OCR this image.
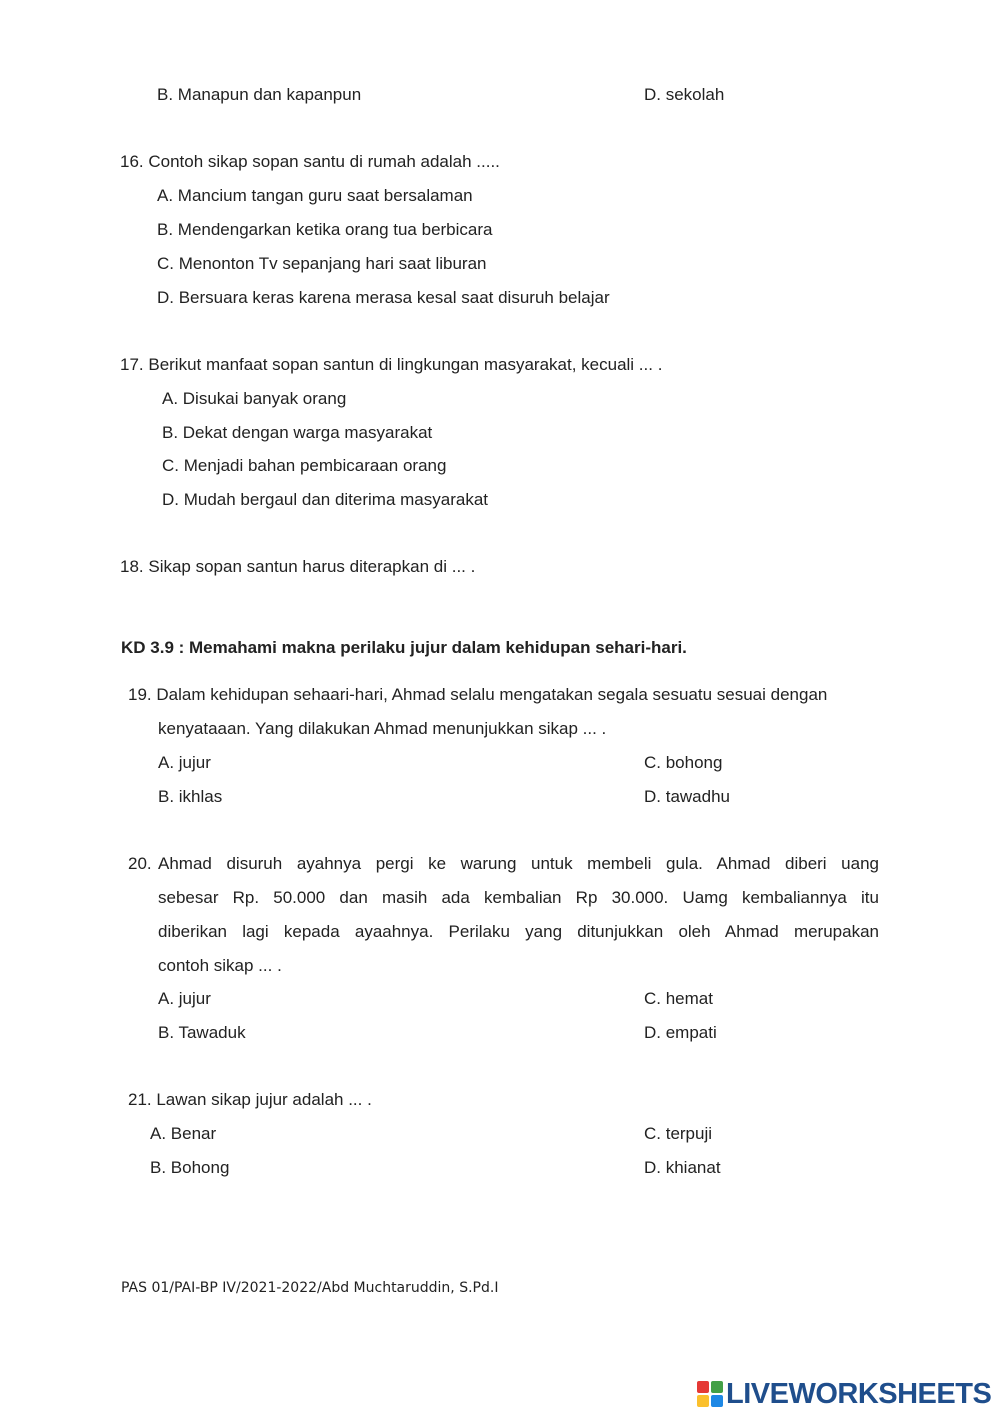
B. Manapun dan kapanpun	D. sekolah
16. Contoh sikap sopan santu di rumah adalah .....
A. Mancium tangan guru saat bersalaman
B. Mendengarkan ketika orang tua berbicara
C. Menonton Tv sepanjang hari saat liburan
D. Bersuara keras karena merasa kesal saat disuruh belajar
17. Berikut manfaat sopan santun di lingkungan masyarakat, kecuali ... .
A. Disukai banyak orang
B. Dekat dengan warga masyarakat
C. Menjadi bahan pembicaraan orang
D. Mudah bergaul dan diterima masyarakat
18. Sikap sopan santun harus diterapkan di ... .
KD 3.9 : Memahami makna perilaku jujur dalam kehidupan sehari-hari.
19. Dalam kehidupan sehaari-hari, Ahmad selalu mengatakan segala sesuatu sesuai dengan
kenyataaan. Yang dilakukan Ahmad menunjukkan sikap ... .
A. jujur
B. ikhlas
C. bohong
D. tawadhu
20. Ahmad disuruh ayahnya pergi ke warung untuk membeli gula. Ahmad diberi uang
sebesar Rp. 50.000 dan masih ada kembalian Rp 30.000. Uamg kembaliannya itu
diberikan lagi kepada ayaahnya. Perilaku yang ditunjukkan oleh Ahmad merupakan
contoh sikap ... .
A. jujur
B. Tawaduk
C. hemat
D. empati
21. Lawan sikap jujur adalah ... .
A. Benar
B. Bohong
C. terpuji
D. khianat
PAS 01/PAI-BP IV/2021-2022/Abd Muchtaruddin, S.Pd.I
LIVEWORKSHEETS
